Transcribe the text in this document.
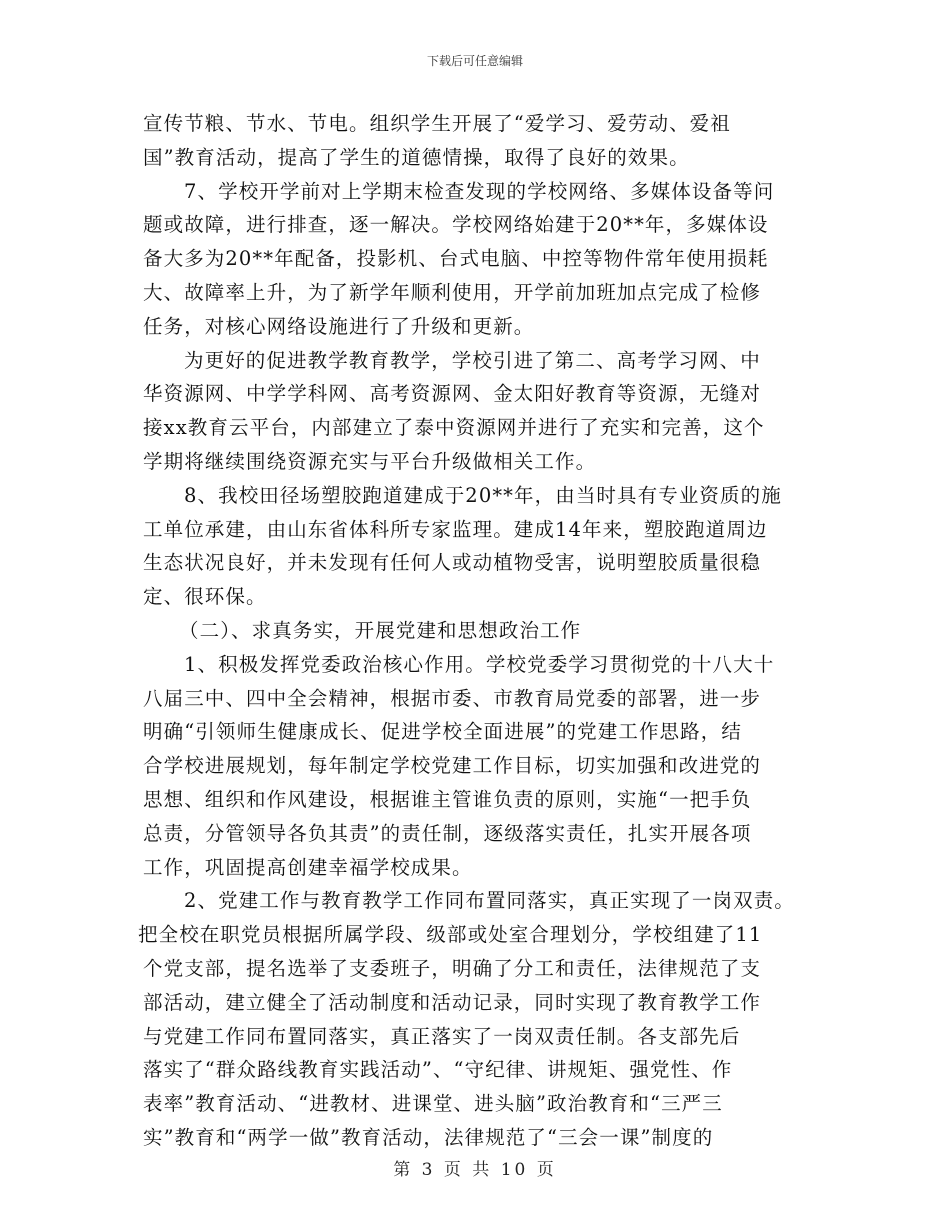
下载后可任意编辑
宣传节粮、节水、节电。组织学生开展了“爱学习、爱劳动、爱祖
国”教育活动，提高了学生的道德情操，取得了良好的效果。
7、学校开学前对上学期末检查发现的学校网络、多媒体设备等问
题或故障，进行排查，逐一解决。学校网络始建于20**年，多媒体设
备大多为20**年配备，投影机、台式电脑、中控等物件常年使用损耗
大、故障率上升，为了新学年顺利使用，开学前加班加点完成了检修
任务，对核心网络设施进行了升级和更新。
为更好的促进教学教育教学，学校引进了第二、高考学习网、中
华资源网、中学学科网、高考资源网、金太阳好教育等资源，无缝对
接xx教育云平台，内部建立了泰中资源网并进行了充实和完善，这个
学期将继续围绕资源充实与平台升级做相关工作。
8、我校田径场塑胶跑道建成于20**年，由当时具有专业资质的施
工单位承建，由山东省体科所专家监理。建成14年来，塑胶跑道周边
生态状况良好，并未发现有任何人或动植物受害，说明塑胶质量很稳
定、很环保。
（二）、求真务实，开展党建和思想政治工作
1、积极发挥党委政治核心作用。学校党委学习贯彻党的十八大十
八届三中、四中全会精神，根据市委、市教育局党委的部署，进一步
明确“引领师生健康成长、促进学校全面进展”的党建工作思路，结
合学校进展规划，每年制定学校党建工作目标，切实加强和改进党的
思想、组织和作风建设，根据谁主管谁负责的原则，实施“一把手负
总责，分管领导各负其责”的责任制，逐级落实责任，扎实开展各项
工作，巩固提高创建幸福学校成果。
2、党建工作与教育教学工作同布置同落实，真正实现了一岗双责。
把全校在职党员根据所属学段、级部或处室合理划分，学校组建了11
个党支部，提名选举了支委班子，明确了分工和责任，法律规范了支
部活动，建立健全了活动制度和活动记录，同时实现了教育教学工作
与党建工作同布置同落实，真正落实了一岗双责任制。各支部先后
落实了“群众路线教育实践活动”、“守纪律、讲规矩、强党性、作
表率”教育活动、“进教材、进课堂、进头脑”政治教育和“三严三
实”教育和“两学一做”教育活动，法律规范了“三会一课”制度的
第 3 页 共 10 页
